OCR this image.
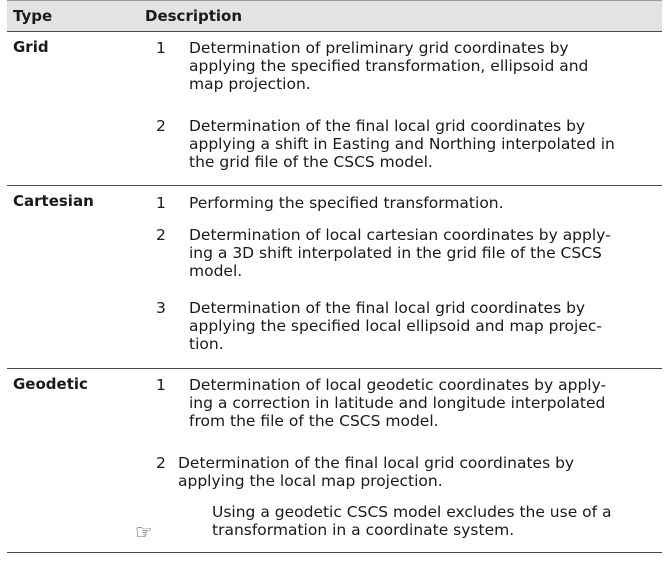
Type	Description
Grid	1 Determination of preliminary grid coordinates by
applying the specified transformation, ellipsoid and
map projection.
2 Determination of the final local grid coordinates by
applying a shift in Easting and Northing interpolated in
the grid file of the CSCS model.
Cartesian	1 Performing the specified transformation.
2 Determination of local cartesian coordinates by apply-
ing a 3D shift interpolated in the grid file of the CSCS
model.
3 Determination of the final local grid coordinates by
applying the specified local ellipsoid and map projec-
tion.
Geodetic	1 Determination of local geodetic coordinates by apply-
ing a correction in latitude and longitude interpolated
from the file of the CSCS model.
2 Determination of the final local grid coordinates by
applying the local map projection.
☞
Using a geodetic CSCS model excludes the use of a
transformation in a coordinate system.
